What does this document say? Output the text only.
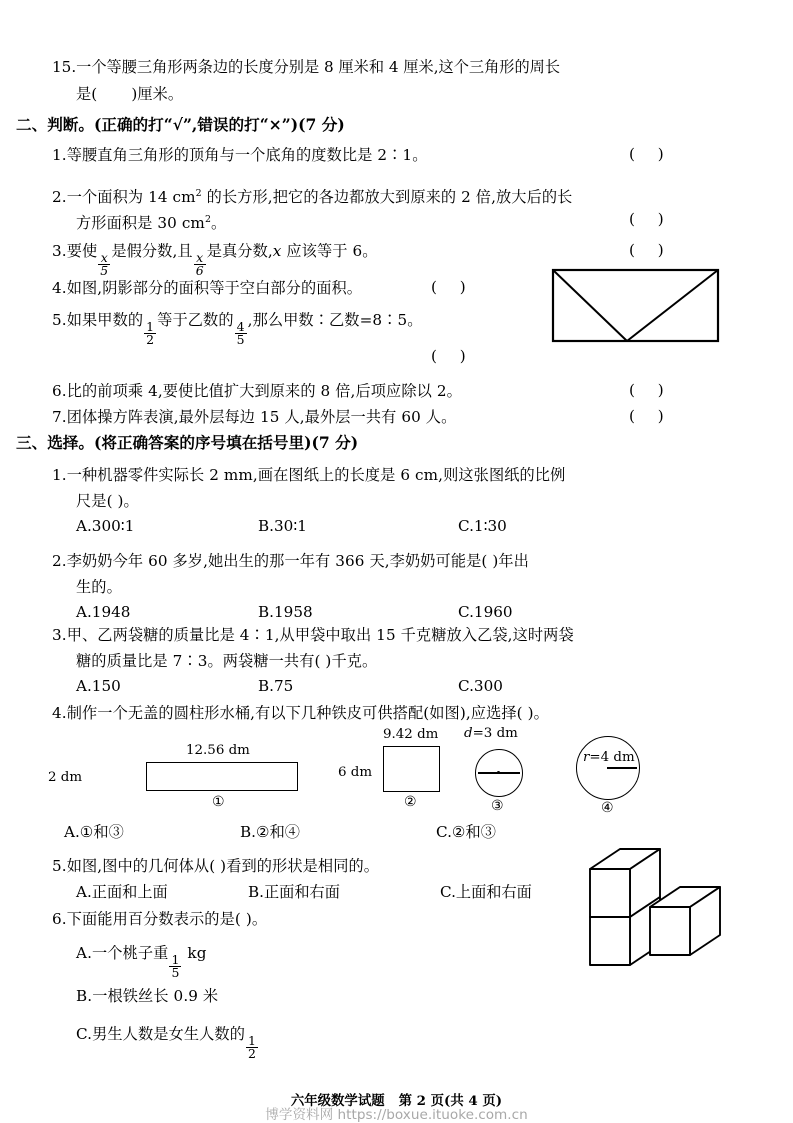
15.一个等腰三角形两条边的长度分别是 8 厘米和 4 厘米,这个三角形的周长
是( )厘米。
二、判断。(正确的打“√”,错误的打“×”)(7 分)
1.等腰直角三角形的顶角与一个底角的度数比是 2∶1。	( )
2.一个面积为 14 $cm^2$ 的长方形,把它的各边都放大到原来的 2 倍,放大后的长
方形面积是 30 $cm^2$。	( )
3.要使
$\frac{x}{5}$
是假分数,且
$\frac{x}{6}$
是真分数,x 应该等于 6。	( )
4.如图,阴影部分的面积等于空白部分的面积。	( )
5.如果甲数的
$\frac{1}{2}$
等于乙数的
$\frac{4}{5}$
,那么甲数∶乙数=8∶5。
( )
6.比的前项乘 4,要使比值扩大到原来的 8 倍,后项应除以 2。	( )
7.团体操方阵表演,最外层每边 15 人,最外层一共有 60 人。	( )
三、选择。(将正确答案的序号填在括号里)(7 分)
1.一种机器零件实际长 2 mm,画在图纸上的长度是 6 cm,则这张图纸的比例
尺是( )。
A.300∶1	B.30∶1	C.1∶30
2.李奶奶今年 60 多岁,她出生的那一年有 366 天,李奶奶可能是( )年出
生的。
A.1948	B.1958	C.1960
3.甲、乙两袋糖的质量比是 4∶1,从甲袋中取出 15 千克糖放入乙袋,这时两袋
糖的质量比是 7∶3。两袋糖一共有( )千克。
A.150	B.75	C.300
4.制作一个无盖的圆柱形水桶,有以下几种铁皮可供搭配(如图),应选择( )。
12.56 dm
2 dm
①
9.42 dm
6 dm
②
d=3 dm
③
r=4 dm
④
A.①和③	B.②和④	C.②和③
5.如图,图中的几何体从( )看到的形状是相同的。
A.正面和上面	B.正面和右面	C.上面和右面
6.下面能用百分数表示的是( )。
A.一个桃子重
$\frac{1}{5}$
kg
B.一根铁丝长 0.9 米
C.男生人数是女生人数的
$\frac{1}{2}$
六年级数学试题 第 2 页(共 4 页)
博学资料网 https://boxue.ituoke.com.cn
